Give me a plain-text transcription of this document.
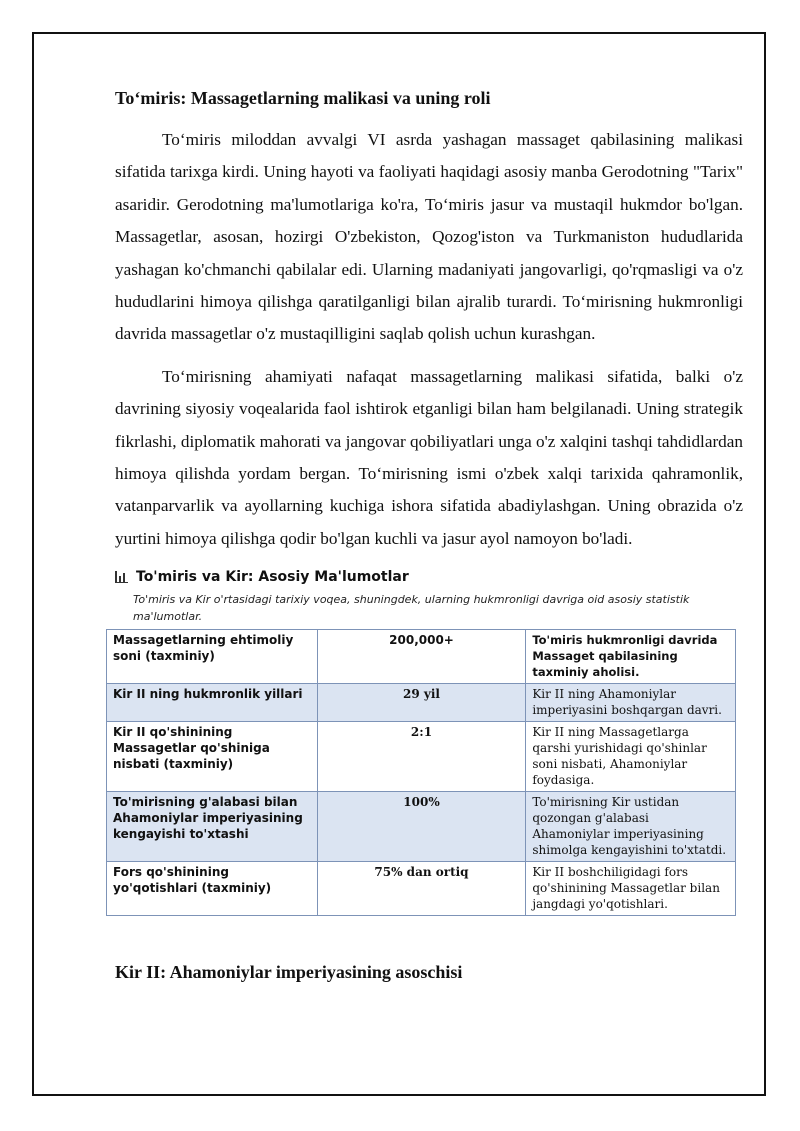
To‘miris: Massagetlarning malikasi va uning roli

To‘miris miloddan avvalgi VI asrda yashagan massaget qabilasining malikasi sifatida tarixga kirdi. Uning hayoti va faoliyati haqidagi asosiy manba Gerodotning "Tarix" asaridir. Gerodotning ma'lumotlariga ko'ra, To‘miris jasur va mustaqil hukmdor bo'lgan. Massagetlar, asosan, hozirgi O'zbekiston, Qozog'iston va Turkmaniston hududlarida yashagan ko'chmanchi qabilalar edi. Ularning madaniyati jangovarligi, qo'rqmasligi va o'z hududlarini himoya qilishga qaratilganligi bilan ajralib turardi. To‘mirisning hukmronligi davrida massagetlar o'z mustaqilligini saqlab qolish uchun kurashgan.

To‘mirisning ahamiyati nafaqat massagetlarning malikasi sifatida, balki o'z davrining siyosiy voqealarida faol ishtirok etganligi bilan ham belgilanadi. Uning strategik fikrlashi, diplomatik mahorati va jangovar qobiliyatlari unga o'z xalqini tashqi tahdidlardan himoya qilishda yordam bergan. To‘mirisning ismi o'zbek xalqi tarixida qahramonlik, vatanparvarlik va ayollarning kuchiga ishora sifatida abadiylashgan. Uning obrazida o'z yurtini himoya qilishga qodir bo'lgan kuchli va jasur ayol namoyon bo'ladi.

To'miris va Kir: Asosiy Ma'lumotlar
To'miris va Kir o'rtasidagi tarixiy voqea, shuningdek, ularning hukmronligi davriga oid asosiy statistik ma'lumotlar.
Massagetlarning ehtimoliy soni (taxminiy)	200,000+	To'miris hukmronligi davrida Massaget qabilasining taxminiy aholisi.
Kir II ning hukmronlik yillari	29 yil	Kir II ning Ahamoniylar imperiyasini boshqargan davri.
Kir II qo'shinining Massagetlar qo'shiniga nisbati (taxminiy)	2:1	Kir II ning Massagetlarga qarshi yurishidagi qo'shinlar soni nisbati, Ahamoniylar foydasiga.
To'mirisning g'alabasi bilan Ahamoniylar imperiyasining kengayishi to'xtashi	100%	To'mirisning Kir ustidan qozongan g'alabasi Ahamoniylar imperiyasining shimolga kengayishini to'xtatdi.
Fors qo'shinining yo'qotishlari (taxminiy)	75% dan ortiq	Kir II boshchiligidagi fors qo'shinining Massagetlar bilan jangdagi yo'qotishlari.
Kir II: Ahamoniylar imperiyasining asoschisi
